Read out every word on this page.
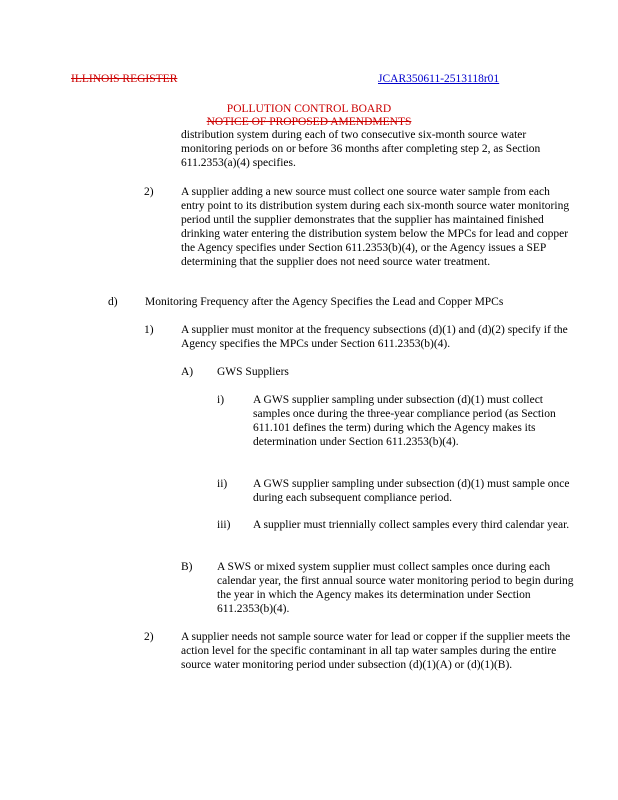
ILLINOIS REGISTER	JCAR350611-2513118r01
POLLUTION CONTROL BOARD
NOTICE OF PROPOSED AMENDMENTS
distribution system during each of two consecutive six-month source water monitoring periods on or before 36 months after completing step 2, as Section 611.2353(a)(4) specifies.
2) A supplier adding a new source must collect one source water sample from each entry point to its distribution system during each six-month source water monitoring period until the supplier demonstrates that the supplier has maintained finished drinking water entering the distribution system below the MPCs for lead and copper the Agency specifies under Section 611.2353(b)(4), or the Agency issues a SEP determining that the supplier does not need source water treatment.
d) Monitoring Frequency after the Agency Specifies the Lead and Copper MPCs
1) A supplier must monitor at the frequency subsections (d)(1) and (d)(2) specify if the Agency specifies the MPCs under Section 611.2353(b)(4).
A) GWS Suppliers
i)	A GWS supplier sampling under subsection (d)(1) must collect samples once during the three-year compliance period (as Section 611.101 defines the term) during which the Agency makes its determination under Section 611.2353(b)(4).
ii) A GWS supplier sampling under subsection (d)(1) must sample once during each subsequent compliance period.
iii) A supplier must triennially collect samples every third calendar year.
B) A SWS or mixed system supplier must collect samples once during each calendar year, the first annual source water monitoring period to begin during the year in which the Agency makes its determination under Section 611.2353(b)(4).
2) A supplier needs not sample source water for lead or copper if the supplier meets the action level for the specific contaminant in all tap water samples during the entire source water monitoring period under subsection (d)(1)(A) or (d)(1)(B).
